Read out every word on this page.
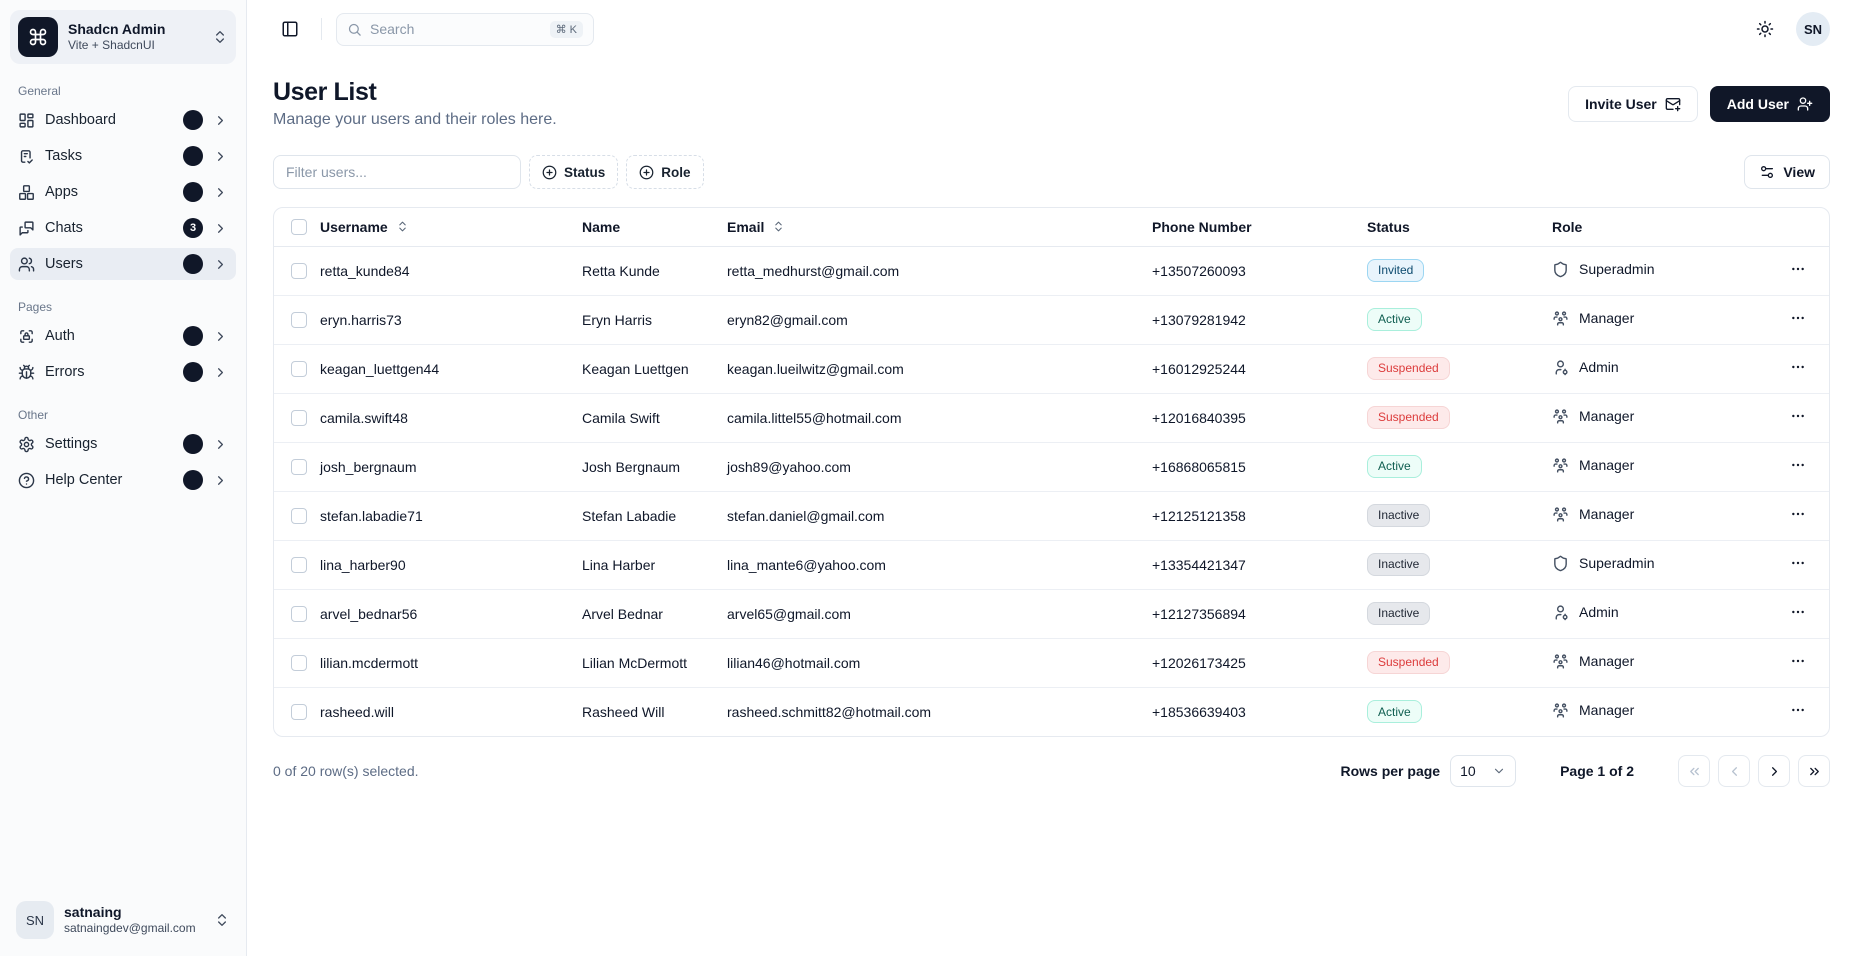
Shadcn Admin
Vite + ShadcnUI
General
Dashboard
Tasks
Apps
Chats	3
Users
Pages
Auth
Errors
Other
Settings
Help Center
SN	satnaing
satnaingdev@gmail.com
Search	⌘ K	SN
User List
Manage your users and their roles here.
Invite User	Add User
Filter users...
Status	Role	View

	Username	Name	Email	Phone Number	Status	Role	

	retta_kunde84	Retta Kunde	retta_medhurst@gmail.com	+13507260093	Invited	Superadmin

	eryn.harris73	Eryn Harris	eryn82@gmail.com	+13079281942	Active	Manager

	keagan_luettgen44	Keagan Luettgen	keagan.lueilwitz@gmail.com	+16012925244	Suspended	Admin

	camila.swift48	Camila Swift	camila.littel55@hotmail.com	+12016840395	Suspended	Manager

	josh_bergnaum	Josh Bergnaum	josh89@yahoo.com	+16868065815	Active	Manager

	stefan.labadie71	Stefan Labadie	stefan.daniel@gmail.com	+12125121358	Inactive	Manager

	lina_harber90	Lina Harber	lina_mante6@yahoo.com	+13354421347	Inactive	Superadmin

	arvel_bednar56	Arvel Bednar	arvel65@gmail.com	+12127356894	Inactive	Admin

	lilian.mcdermott	Lilian McDermott	lilian46@hotmail.com	+12026173425	Suspended	Manager

	rasheed.will	Rasheed Will	rasheed.schmitt82@hotmail.com	+18536639403	Active	Manager

0 of 20 row(s) selected.	Rows per page 10	Page 1 of 2
